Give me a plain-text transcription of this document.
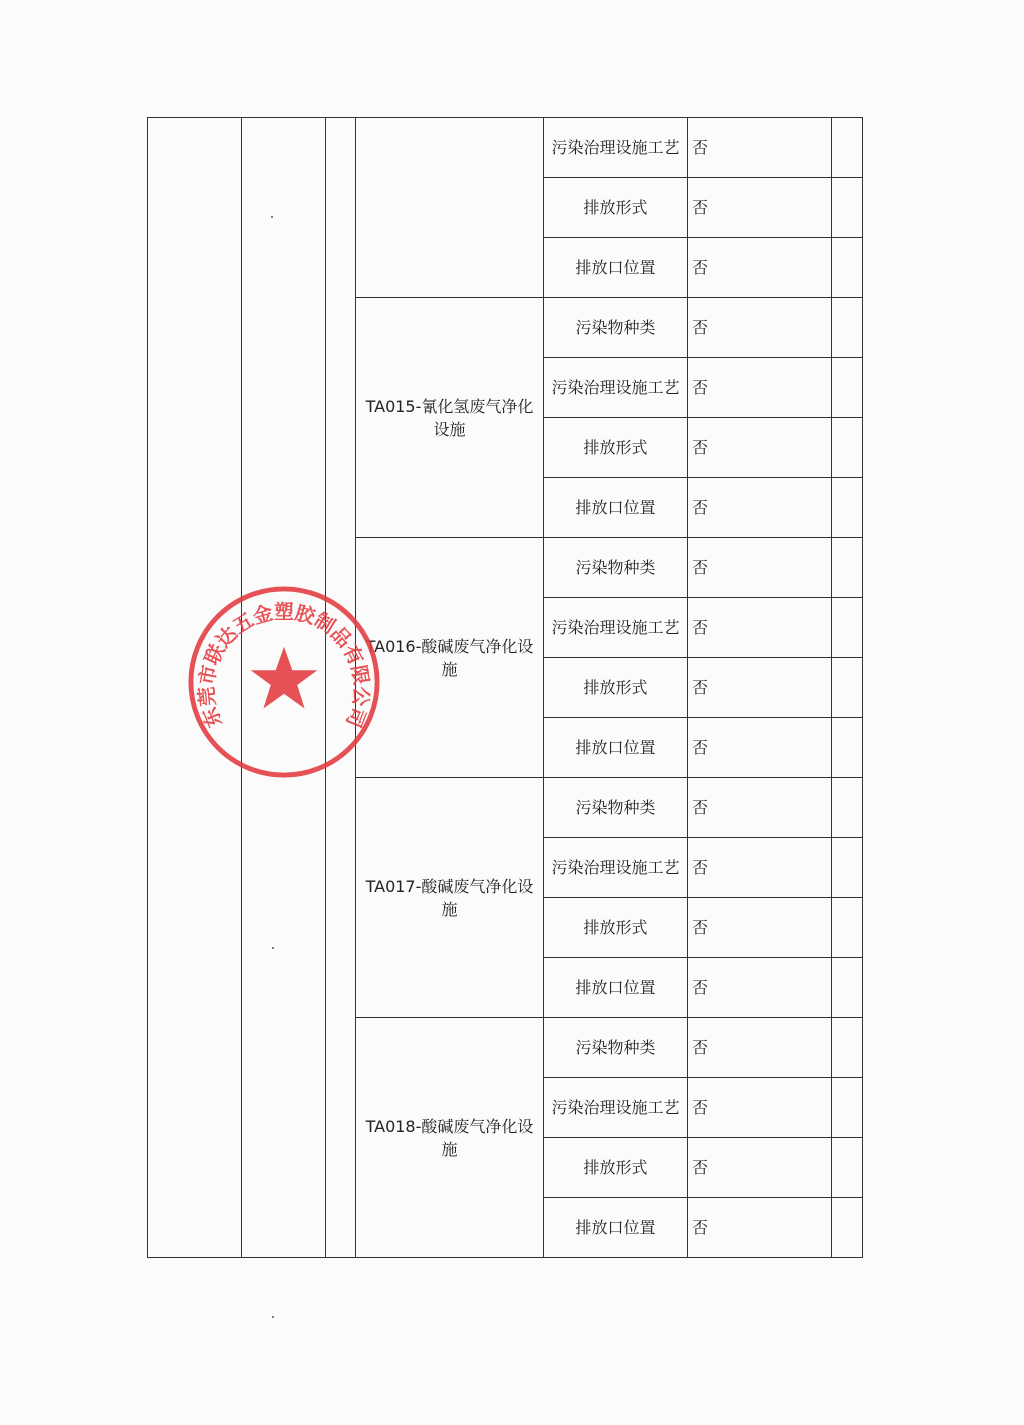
				污染治理设施工艺	否	
				排放形式	否	
				排放口位置	否	
			TA015-氰化氢废气净化设施	污染物种类	否	
				污染治理设施工艺	否	
				排放形式	否	
				排放口位置	否	
			TA016-酸碱废气净化设施	污染物种类	否	
				污染治理设施工艺	否	
				排放形式	否	
				排放口位置	否	
			TA017-酸碱废气净化设施	污染物种类	否	
				污染治理设施工艺	否	
				排放形式	否	
				排放口位置	否	
			TA018-酸碱废气净化设施	污染物种类	否	
				污染治理设施工艺	否	
				排放形式	否	
				排放口位置	否	
东莞市联达五金塑胶制品有限公司
